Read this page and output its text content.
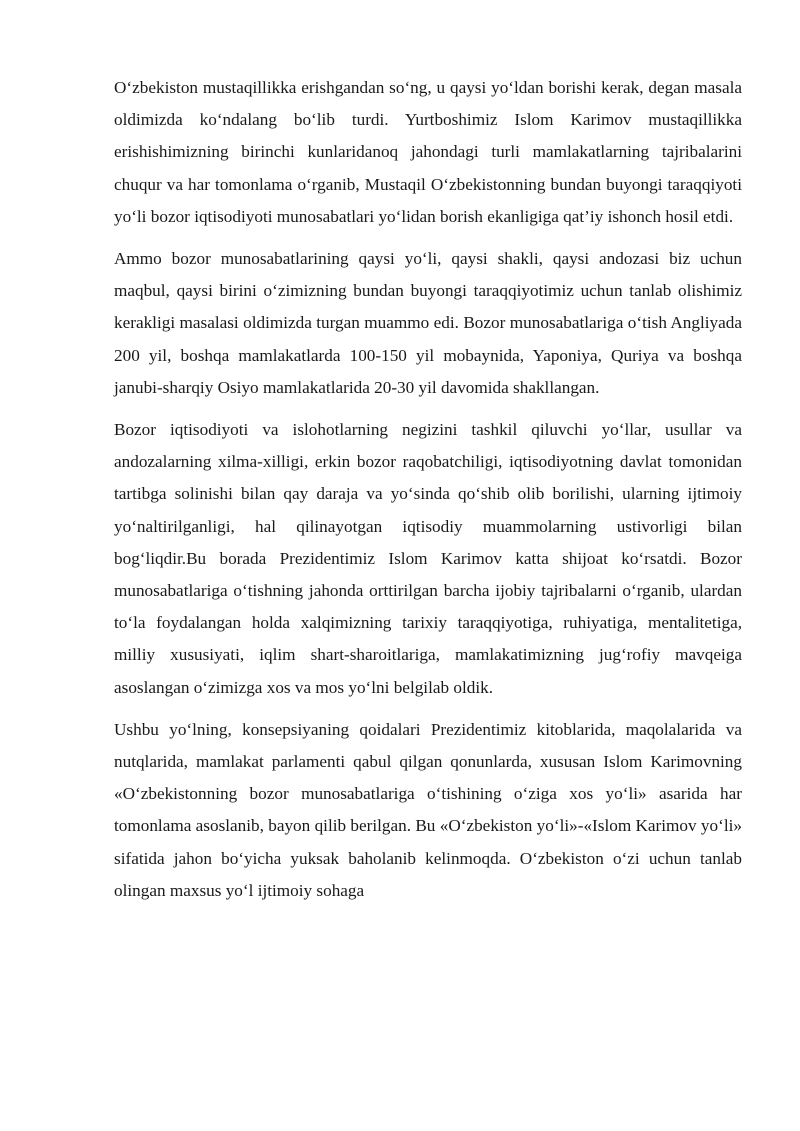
O‘zbekiston mustaqillikka erishgandan so‘ng, u qaysi yo‘ldan borishi kerak, degan masala oldimizda ko‘ndalang bo‘lib turdi. Yurtboshimiz Islom Karimov mustaqillikka erishishimizning birinchi kunlaridanoq jahondagi turli mamlakatlarning tajribalarini chuqur va har tomonlama o‘rganib, Mustaqil O‘zbekistonning bundan buyongi taraqqiyoti yo‘li bozor iqtisodiyoti munosabatlari yo‘lidan borish ekanligiga qat’iy ishonch hosil etdi.

Ammo bozor munosabatlarining qaysi yo‘li, qaysi shakli, qaysi andozasi biz uchun maqbul, qaysi birini o‘zimizning bundan buyongi taraqqiyotimiz uchun tanlab olishimiz kerakligi masalasi oldimizda turgan muammo edi. Bozor munosabatlariga o‘tish Angliyada 200 yil, boshqa mamlakatlarda 100-150 yil mobaynida, Yaponiya, Quriya va boshqa janubi-sharqiy Osiyo mamlakatlarida 20-30 yil davomida shakllangan.

Bozor iqtisodiyoti va islohotlarning negizini tashkil qiluvchi yo‘llar, usullar va andozalarning xilma-xilligi, erkin bozor raqobatchiligi, iqtisodiyotning davlat tomonidan tartibga solinishi bilan qay daraja va yo‘sinda qo‘shib olib borilishi, ularning ijtimoiy yo‘naltirilganligi, hal qilinayotgan iqtisodiy muammolarning ustivorligi bilan bog‘liqdir.Bu borada Prezidentimiz Islom Karimov katta shijoat ko‘rsatdi. Bozor munosabatlariga o‘tishning jahonda orttirilgan barcha ijobiy tajribalarni o‘rganib, ulardan to‘la foydalangan holda xalqimizning tarixiy taraqqiyotiga, ruhiyatiga, mentalitetiga, milliy xususiyati, iqlim shart-sharoitlariga, mamlakatimizning jug‘rofiy mavqeiga asoslangan o‘zimizga xos va mos yo‘lni belgilab oldik.

Ushbu yo‘lning, konsepsiyaning qoidalari Prezidentimiz kitoblarida, maqolalarida va nutqlarida, mamlakat parlamenti qabul qilgan qonunlarda, xususan Islom Karimovning «O‘zbekistonning bozor munosabatlariga o‘tishining o‘ziga xos yo‘li» asarida har tomonlama asoslanib, bayon qilib berilgan. Bu «O‘zbekiston yo‘li»-«Islom Karimov yo‘li» sifatida jahon bo‘yicha yuksak baholanib kelinmoqda. O‘zbekiston o‘zi uchun tanlab olingan maxsus yo‘l ijtimoiy sohaga
